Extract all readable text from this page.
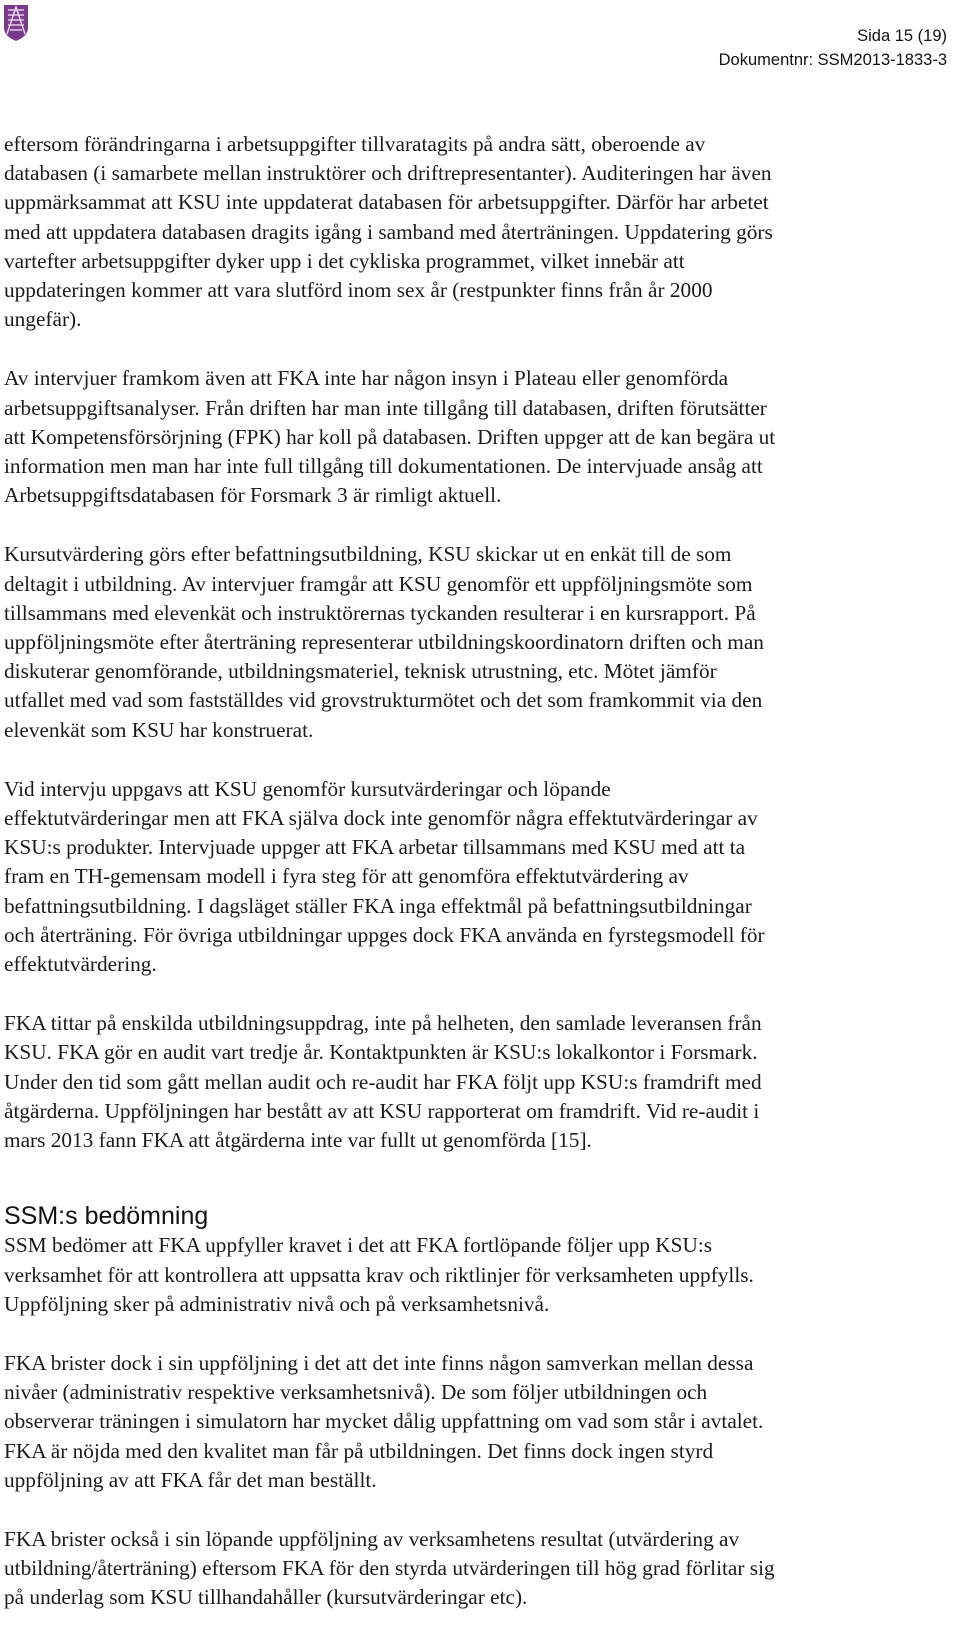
Sida 15 (19)
Dokumentnr: SSM2013-1833-3

eftersom förändringarna i arbetsuppgifter tillvaratagits på andra sätt, oberoende av
databasen (i samarbete mellan instruktörer och driftrepresentanter). Auditeringen har även
uppmärksammat att KSU inte uppdaterat databasen för arbetsuppgifter. Därför har arbetet
med att uppdatera databasen dragits igång i samband med återträningen. Uppdatering görs
vartefter arbetsuppgifter dyker upp i det cykliska programmet, vilket innebär att
uppdateringen kommer att vara slutförd inom sex år (restpunkter finns från år 2000
ungefär).

Av intervjuer framkom även att FKA inte har någon insyn i Plateau eller genomförda
arbetsuppgiftsanalyser. Från driften har man inte tillgång till databasen, driften förutsätter
att Kompetensförsörjning (FPK) har koll på databasen. Driften uppger att de kan begära ut
information men man har inte full tillgång till dokumentationen. De intervjuade ansåg att
Arbetsuppgiftsdatabasen för Forsmark 3 är rimligt aktuell.

Kursutvärdering görs efter befattningsutbildning, KSU skickar ut en enkät till de som
deltagit i utbildning. Av intervjuer framgår att KSU genomför ett uppföljningsmöte som
tillsammans med elevenkät och instruktörernas tyckanden resulterar i en kursrapport. På
uppföljningsmöte efter återträning representerar utbildningskoordinatorn driften och man
diskuterar genomförande, utbildningsmateriel, teknisk utrustning, etc. Mötet jämför
utfallet med vad som fastställdes vid grovstrukturmötet och det som framkommit via den
elevenkät som KSU har konstruerat.

Vid intervju uppgavs att KSU genomför kursutvärderingar och löpande
effektutvärderingar men att FKA själva dock inte genomför några effektutvärderingar av
KSU:s produkter. Intervjuade uppger att FKA arbetar tillsammans med KSU med att ta
fram en TH-gemensam modell i fyra steg för att genomföra effektutvärdering av
befattningsutbildning. I dagsläget ställer FKA inga effektmål på befattningsutbildningar
och återträning. För övriga utbildningar uppges dock FKA använda en fyrstegsmodell för
effektutvärdering.

FKA tittar på enskilda utbildningsuppdrag, inte på helheten, den samlade leveransen från
KSU. FKA gör en audit vart tredje år. Kontaktpunkten är KSU:s lokalkontor i Forsmark.
Under den tid som gått mellan audit och re-audit har FKA följt upp KSU:s framdrift med
åtgärderna. Uppföljningen har bestått av att KSU rapporterat om framdrift. Vid re-audit i
mars 2013 fann FKA att åtgärderna inte var fullt ut genomförda [15].

SSM:s bedömning

SSM bedömer att FKA uppfyller kravet i det att FKA fortlöpande följer upp KSU:s
verksamhet för att kontrollera att uppsatta krav och riktlinjer för verksamheten uppfylls.
Uppföljning sker på administrativ nivå och på verksamhetsnivå.

FKA brister dock i sin uppföljning i det att det inte finns någon samverkan mellan dessa
nivåer (administrativ respektive verksamhetsnivå). De som följer utbildningen och
observerar träningen i simulatorn har mycket dålig uppfattning om vad som står i avtalet.
FKA är nöjda med den kvalitet man får på utbildningen. Det finns dock ingen styrd
uppföljning av att FKA får det man beställt.

FKA brister också i sin löpande uppföljning av verksamhetens resultat (utvärdering av
utbildning/återträning) eftersom FKA för den styrda utvärderingen till hög grad förlitar sig
på underlag som KSU tillhandahåller (kursutvärderingar etc).
